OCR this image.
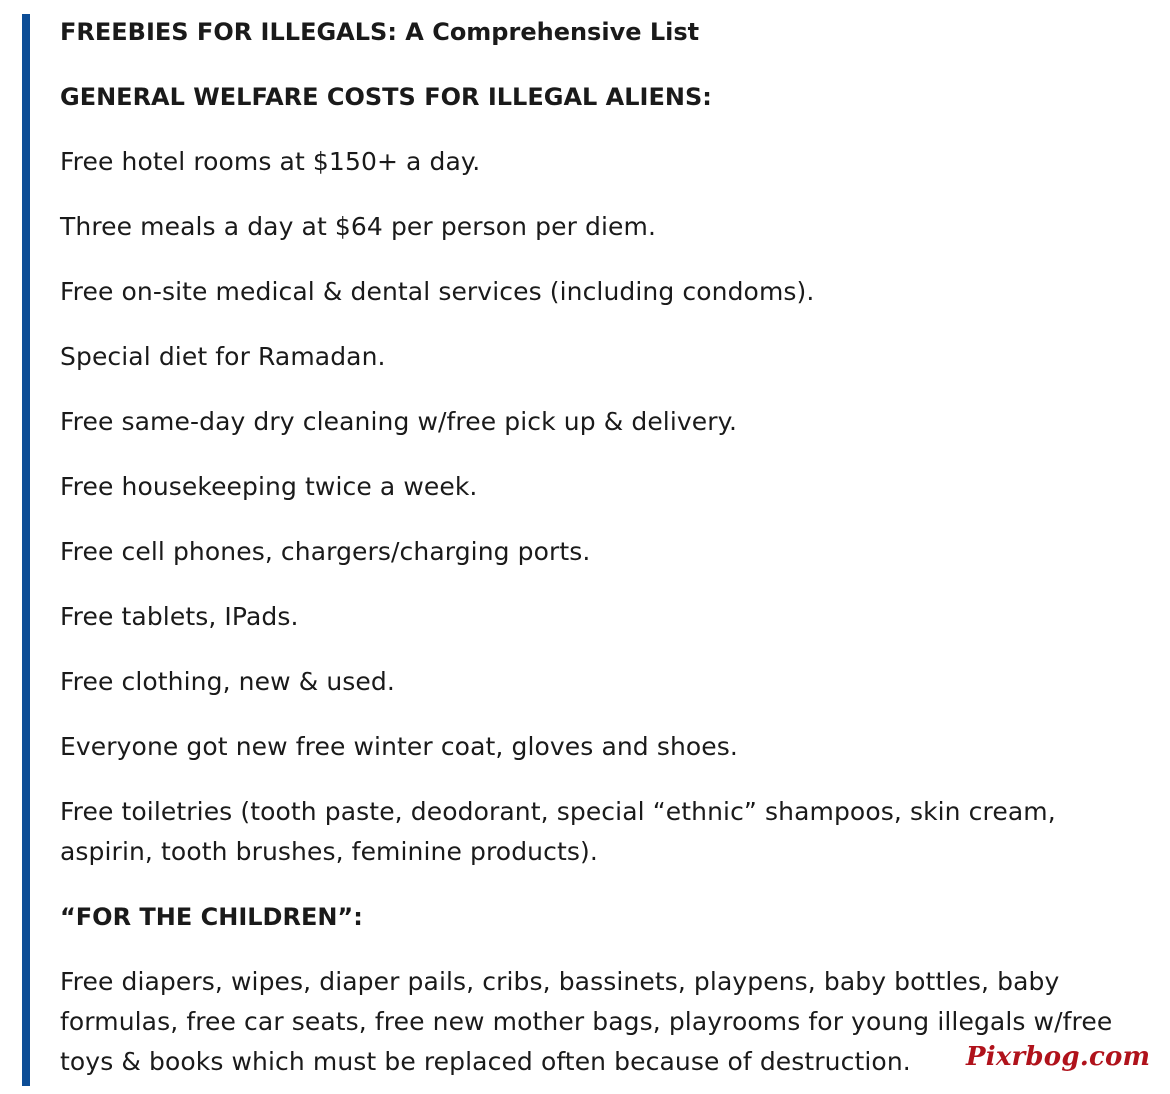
FREEBIES FOR ILLEGALS: A Comprehensive List

GENERAL WELFARE COSTS FOR ILLEGAL ALIENS:

Free hotel rooms at $150+ a day.

Three meals a day at $64 per person per diem.

Free on-site medical & dental services (including condoms).

Special diet for Ramadan.

Free same-day dry cleaning w/free pick up & delivery.

Free housekeeping twice a week.

Free cell phones, chargers/charging ports.

Free tablets, IPads.

Free clothing, new & used.

Everyone got new free winter coat, gloves and shoes.

Free toiletries (tooth paste, deodorant, special “ethnic” shampoos, skin cream, aspirin, tooth brushes, feminine products).

“FOR THE CHILDREN”:

Free diapers, wipes, diaper pails, cribs, bassinets, playpens, baby bottles, baby formulas, free car seats, free new mother bags, playrooms for young illegals w/free toys & books which must be replaced often because of destruction.	Pixrbog.com
